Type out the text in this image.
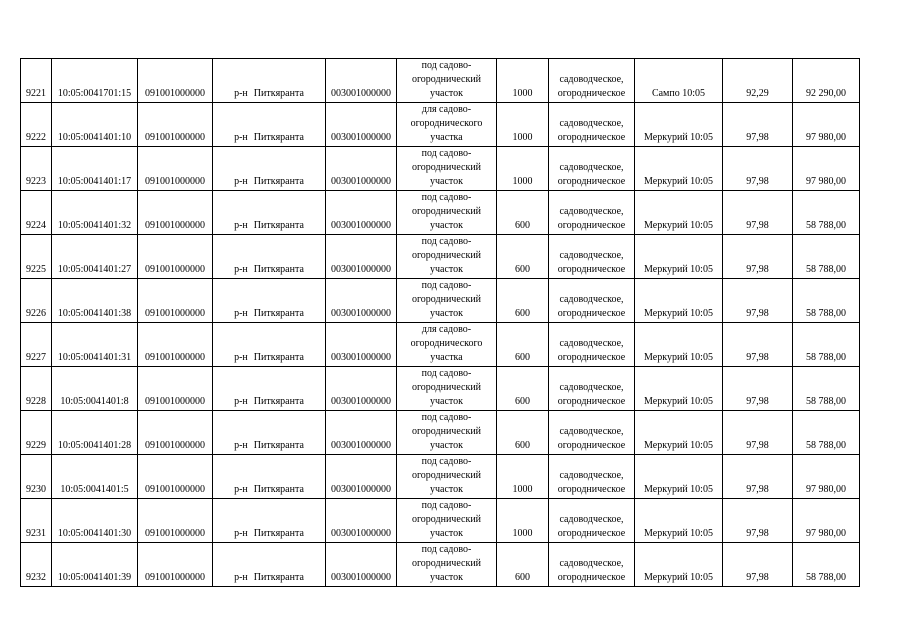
9221	10:05:0041701:15	091001000000	р-н Питкяранта	003001000000	под садово-
огороднический
участок	1000	садоводческое,
огородническое	Сампо 10:05	92,29	92 290,00
9222	10:05:0041401:10	091001000000	р-н Питкяранта	003001000000	для садово-
огороднического
участка	1000	садоводческое,
огородническое	Меркурий 10:05	97,98	97 980,00
9223	10:05:0041401:17	091001000000	р-н Питкяранта	003001000000	под садово-
огороднический
участок	1000	садоводческое,
огородническое	Меркурий 10:05	97,98	97 980,00
9224	10:05:0041401:32	091001000000	р-н Питкяранта	003001000000	под садово-
огороднический
участок	600	садоводческое,
огородническое	Меркурий 10:05	97,98	58 788,00
9225	10:05:0041401:27	091001000000	р-н Питкяранта	003001000000	под садово-
огороднический
участок	600	садоводческое,
огородническое	Меркурий 10:05	97,98	58 788,00
9226	10:05:0041401:38	091001000000	р-н Питкяранта	003001000000	под садово-
огороднический
участок	600	садоводческое,
огородническое	Меркурий 10:05	97,98	58 788,00
9227	10:05:0041401:31	091001000000	р-н Питкяранта	003001000000	для садово-
огороднического
участка	600	садоводческое,
огородническое	Меркурий 10:05	97,98	58 788,00
9228	10:05:0041401:8	091001000000	р-н Питкяранта	003001000000	под садово-
огороднический
участок	600	садоводческое,
огородническое	Меркурий 10:05	97,98	58 788,00
9229	10:05:0041401:28	091001000000	р-н Питкяранта	003001000000	под садово-
огороднический
участок	600	садоводческое,
огородническое	Меркурий 10:05	97,98	58 788,00
9230	10:05:0041401:5	091001000000	р-н Питкяранта	003001000000	под садово-
огороднический
участок	1000	садоводческое,
огородническое	Меркурий 10:05	97,98	97 980,00
9231	10:05:0041401:30	091001000000	р-н Питкяранта	003001000000	под садово-
огороднический
участок	1000	садоводческое,
огородническое	Меркурий 10:05	97,98	97 980,00
9232	10:05:0041401:39	091001000000	р-н Питкяранта	003001000000	под садово-
огороднический
участок	600	садоводческое,
огородническое	Меркурий 10:05	97,98	58 788,00
